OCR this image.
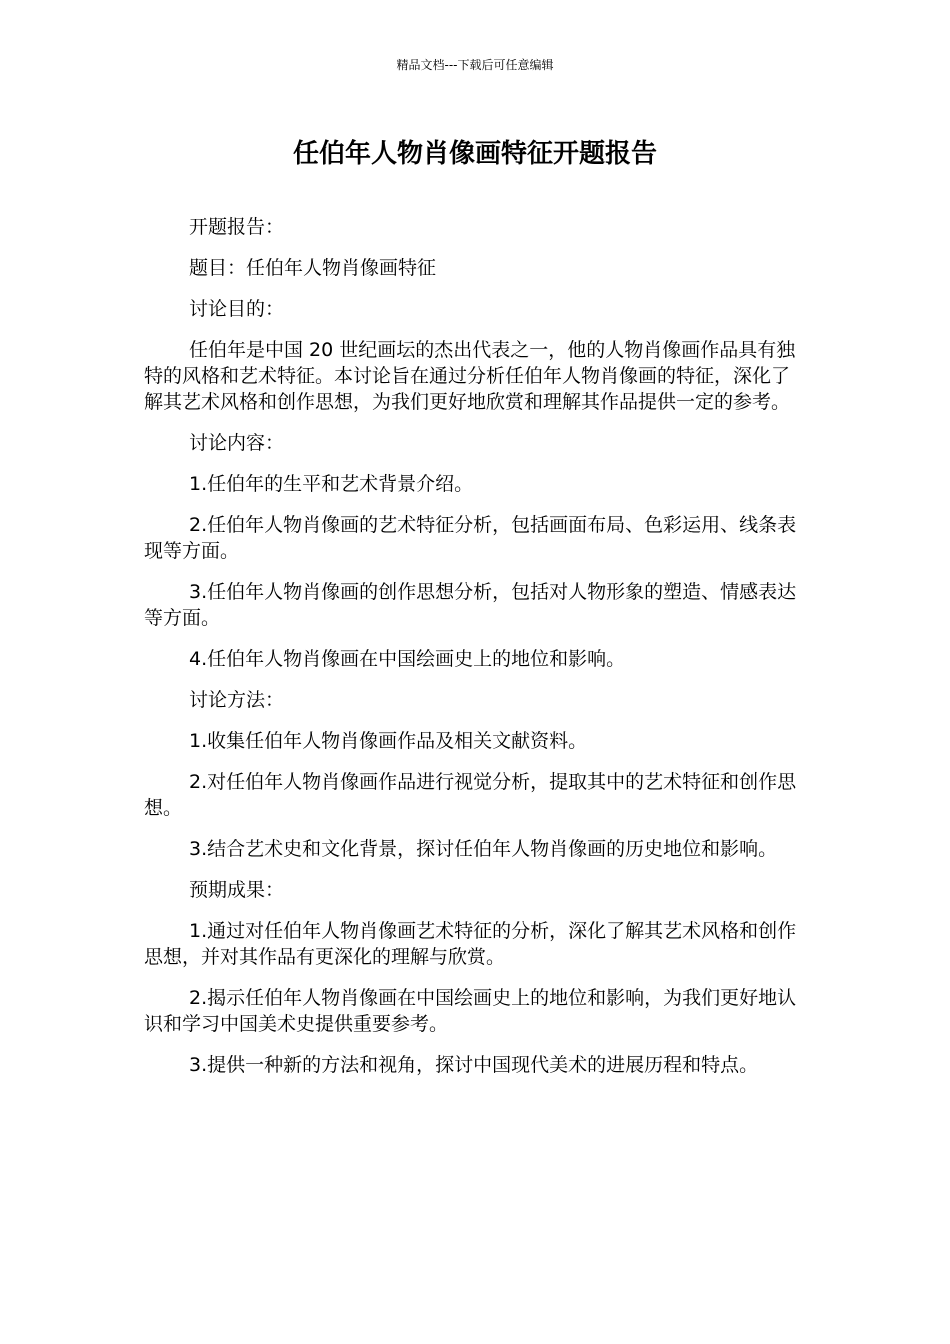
精品文档---下载后可任意编辑
任伯年人物肖像画特征开题报告

开题报告：

题目：任伯年人物肖像画特征

讨论目的：

任伯年是中国 20 世纪画坛的杰出代表之一，他的人物肖像画作品具有独特的风格和艺术特征。本讨论旨在通过分析任伯年人物肖像画的特征，深化了解其艺术风格和创作思想，为我们更好地欣赏和理解其作品提供一定的参考。

讨论内容：

1.任伯年的生平和艺术背景介绍。

2.任伯年人物肖像画的艺术特征分析，包括画面布局、色彩运用、线条表现等方面。

3.任伯年人物肖像画的创作思想分析，包括对人物形象的塑造、情感表达等方面。

4.任伯年人物肖像画在中国绘画史上的地位和影响。

讨论方法：

1.收集任伯年人物肖像画作品及相关文献资料。

2.对任伯年人物肖像画作品进行视觉分析，提取其中的艺术特征和创作思想。

3.结合艺术史和文化背景，探讨任伯年人物肖像画的历史地位和影响。

预期成果：

1.通过对任伯年人物肖像画艺术特征的分析，深化了解其艺术风格和创作思想，并对其作品有更深化的理解与欣赏。

2.揭示任伯年人物肖像画在中国绘画史上的地位和影响，为我们更好地认识和学习中国美术史提供重要参考。

3.提供一种新的方法和视角，探讨中国现代美术的进展历程和特点。
